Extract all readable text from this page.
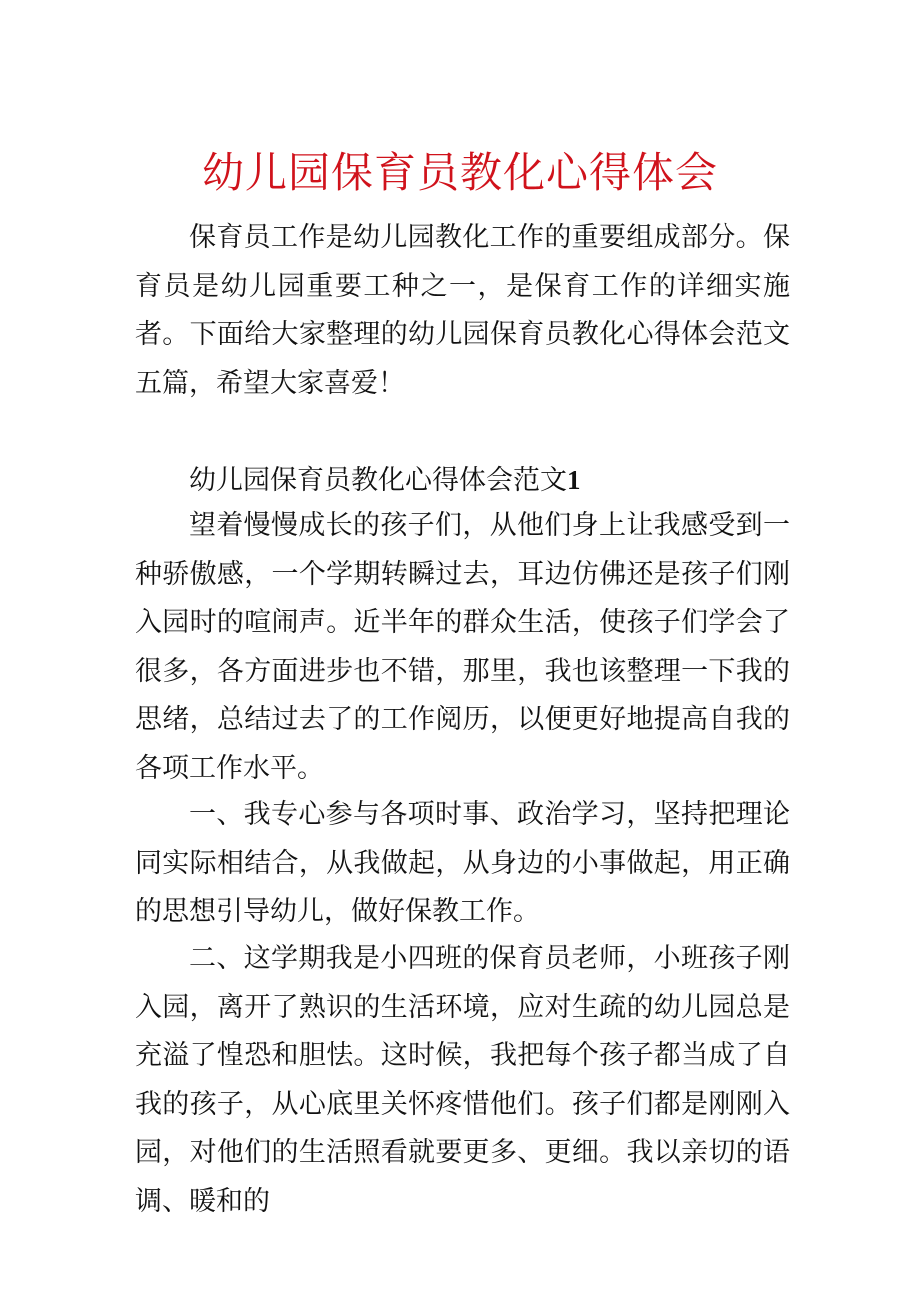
幼儿园保育员教化心得体会

保育员工作是幼儿园教化工作的重要组成部分。保育员是幼儿园重要工种之一，是保育工作的详细实施者。下面给大家整理的幼儿园保育员教化心得体会范文五篇，希望大家喜爱！

幼儿园保育员教化心得体会范文1

望着慢慢成长的孩子们，从他们身上让我感受到一种骄傲感，一个学期转瞬过去，耳边仿佛还是孩子们刚入园时的喧闹声。近半年的群众生活，使孩子们学会了很多，各方面进步也不错，那里，我也该整理一下我的思绪，总结过去了的工作阅历，以便更好地提高自我的各项工作水平。

一、我专心参与各项时事、政治学习，坚持把理论同实际相结合，从我做起，从身边的小事做起，用正确的思想引导幼儿，做好保教工作。

二、这学期我是小四班的保育员老师，小班孩子刚入园，离开了熟识的生活环境，应对生疏的幼儿园总是充溢了惶恐和胆怯。这时候，我把每个孩子都当成了自我的孩子，从心底里关怀疼惜他们。孩子们都是刚刚入园，对他们的生活照看就要更多、更细。我以亲切的语调、暖和的
